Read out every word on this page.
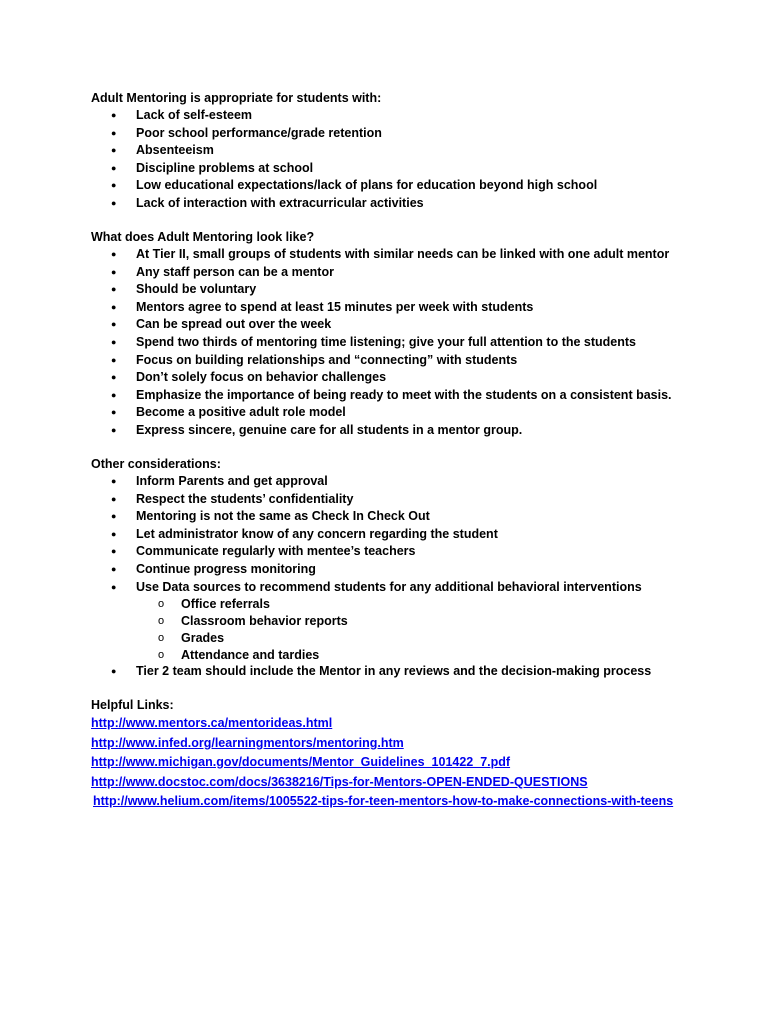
Adult Mentoring is appropriate for students with:
● Lack of self-esteem
● Poor school performance/grade retention
● Absenteeism
● Discipline problems at school
● Low educational expectations/lack of plans for education beyond high school
● Lack of interaction with extracurricular activities
What does Adult Mentoring look like?
● At Tier II, small groups of students with similar needs can be linked with one adult mentor
● Any staff person can be a mentor
● Should be voluntary
● Mentors agree to spend at least 15 minutes per week with students
● Can be spread out over the week
● Spend two thirds of mentoring time listening; give your full attention to the students
● Focus on building relationships and “connecting” with students
● Don’t solely focus on behavior challenges
● Emphasize the importance of being ready to meet with the students on a consistent basis.
● Become a positive adult role model
● Express sincere, genuine care for all students in a mentor group.
Other considerations:
● Inform Parents and get approval
● Respect the students’ confidentiality
● Mentoring is not the same as Check In Check Out
● Let administrator know of any concern regarding the student
● Communicate regularly with mentee’s teachers
● Continue progress monitoring
● Use Data sources to recommend students for any additional behavioral interventions
o Office referrals
o Classroom behavior reports
o Grades
o Attendance and tardies
● Tier 2 team should include the Mentor in any reviews and the decision-making process
Helpful Links:
http://www.mentors.ca/mentorideas.html
http://www.infed.org/learningmentors/mentoring.htm
http://www.michigan.gov/documents/Mentor_Guidelines_101422_7.pdf
http://www.docstoc.com/docs/3638216/Tips-for-Mentors-OPEN-ENDED-QUESTIONS
http://www.helium.com/items/1005522-tips-for-teen-mentors-how-to-make-connections-with-teens
